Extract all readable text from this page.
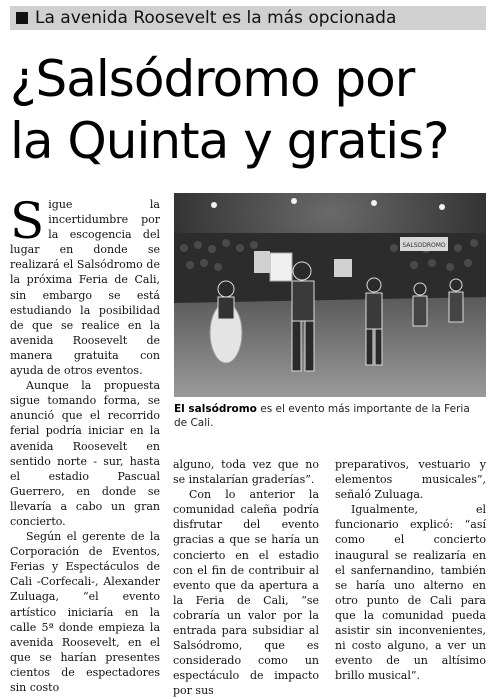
La avenida Roosevelt es la más opcionada
¿Salsódromo por
la Quinta y gratis?

Sigue la incertidumbre por la escogencia del lugar en donde se realizará el Salsódromo de la próxima Feria de Cali, sin embargo se está estudiando la posibilidad de que se realice en la avenida Roosevelt de manera gratuita con ayuda de otros eventos.

Aunque la propuesta sigue tomando forma, se anunció que el recorrido ferial podría iniciar en la avenida Roosevelt en sentido norte - sur, hasta el estadio Pascual Guerrero, en donde se llevaría a cabo un gran concierto.

Según el gerente de la Corporación de Eventos, Ferias y Espectáculos de Cali -Corfecali-, Alexander Zuluaga, “el evento artístico iniciaría en la calle 5ª donde empieza la avenida Roosevelt, en el que se harían presentes cientos de espectadores sin costo

SALSODROMO
El salsódromo es el evento más importante de la Feria de Cali.

alguno, toda vez que no se instalarían graderías”.

Con lo anterior la comunidad caleña podría disfrutar del evento gracias a que se haría un concierto en el estadio con el fin de contribuir al evento que da apertura a la Feria de Cali, “se cobraría un valor por la entrada para subsidiar al Salsódromo, que es considerado como un espectáculo de impacto por sus

preparativos, vestuario y elementos musicales”, señaló Zuluaga.

Igualmente, el funcionario explicó: “así como el concierto inaugural se realizaría en el sanfernandino, también se haría uno alterno en otro punto de Cali para que la comunidad pueda asistir sin inconvenientes, ni costo alguno, a ver un evento de un altísimo brillo musical”.
